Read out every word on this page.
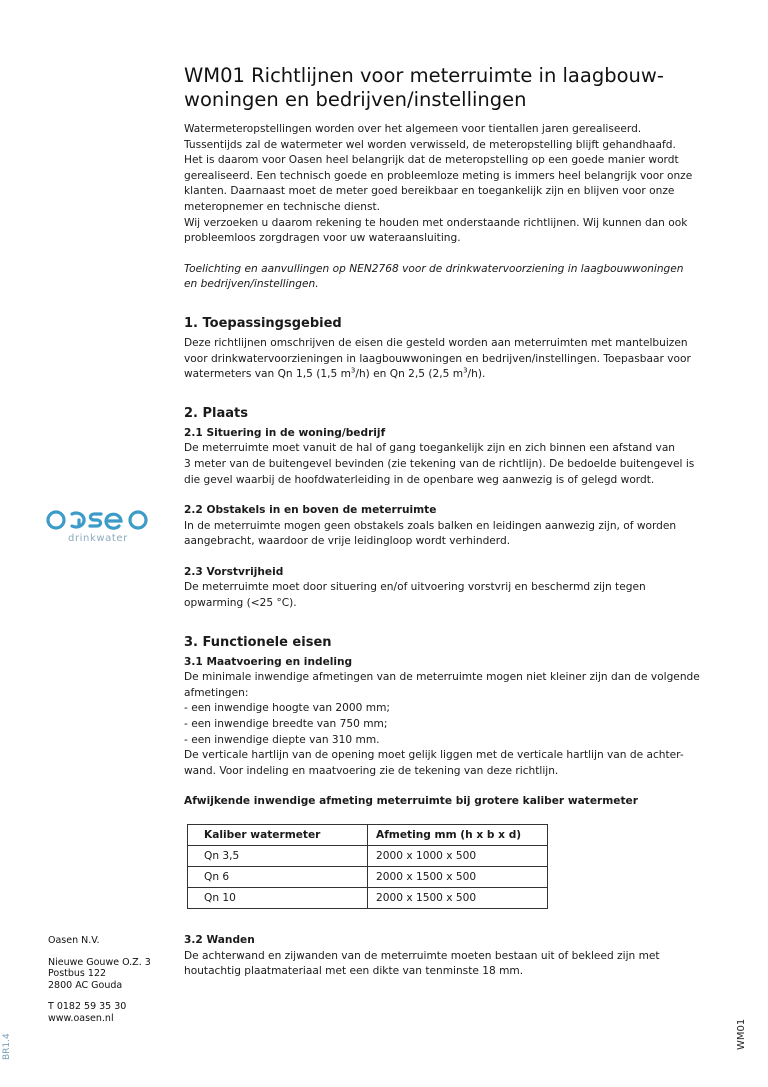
drinkwater

Oasen N.V.

Nieuwe Gouwe O.Z. 3

Postbus 122

2800 AC Gouda

T 0182 59 35 30

www.oasen.nl

BR1.4	WM01
WM01 Richtlijnen voor meterruimte in laagbouw-
woningen en bedrijven/instellingen

Watermeteropstellingen worden over het algemeen voor tientallen jaren gerealiseerd.

Tussentijds zal de watermeter wel worden verwisseld, de meteropstelling blijft gehandhaafd.

Het is daarom voor Oasen heel belangrijk dat de meteropstelling op een goede manier wordt

gerealiseerd. Een technisch goede en probleemloze meting is immers heel belangrijk voor onze

klanten. Daarnaast moet de meter goed bereikbaar en toegankelijk zijn en blijven voor onze

meteropnemer en technische dienst.

Wij verzoeken u daarom rekening te houden met onderstaande richtlijnen. Wij kunnen dan ook

probleemloos zorgdragen voor uw wateraansluiting.

Toelichting en aanvullingen op NEN2768 voor de drinkwatervoorziening in laagbouwwoningen

en bedrijven/instellingen.

1. Toepassingsgebied

Deze richtlijnen omschrijven de eisen die gesteld worden aan meterruimten met mantelbuizen

voor drinkwatervoorzieningen in laagbouwwoningen en bedrijven/instellingen. Toepasbaar voor

watermeters van Qn 1,5 (1,5 $m^3/h$) en Qn 2,5 (2,5 $m^3/h$).

2. Plaats
2.1 Situering in de woning/bedrijf

De meterruimte moet vanuit de hal of gang toegankelijk zijn en zich binnen een afstand van

3 meter van de buitengevel bevinden (zie tekening van de richtlijn). De bedoelde buitengevel is

die gevel waarbij de hoofdwaterleiding in de openbare weg aanwezig is of gelegd wordt.

2.2 Obstakels in en boven de meterruimte

In de meterruimte mogen geen obstakels zoals balken en leidingen aanwezig zijn, of worden

aangebracht, waardoor de vrije leidingloop wordt verhinderd.

2.3 Vorstvrijheid

De meterruimte moet door situering en/of uitvoering vorstvrij en beschermd zijn tegen

opwarming (<25 °C).

3. Functionele eisen
3.1 Maatvoering en indeling

De minimale inwendige afmetingen van de meterruimte mogen niet kleiner zijn dan de volgende

afmetingen:

- een inwendige hoogte van 2000 mm;

- een inwendige breedte van 750 mm;

- een inwendige diepte van 310 mm.

De verticale hartlijn van de opening moet gelijk liggen met de verticale hartlijn van de achter-

wand. Voor indeling en maatvoering zie de tekening van deze richtlijn.

Afwijkende inwendige afmeting meterruimte bij grotere kaliber watermeter
Kaliber watermeter	Afmeting mm (h x b x d)
Qn 3,5	2000 x 1000 x 500
Qn 6	2000 x 1500 x 500
Qn 10	2000 x 1500 x 500
3.2 Wanden

De achterwand en zijwanden van de meterruimte moeten bestaan uit of bekleed zijn met

houtachtig plaatmateriaal met een dikte van tenminste 18 mm.
